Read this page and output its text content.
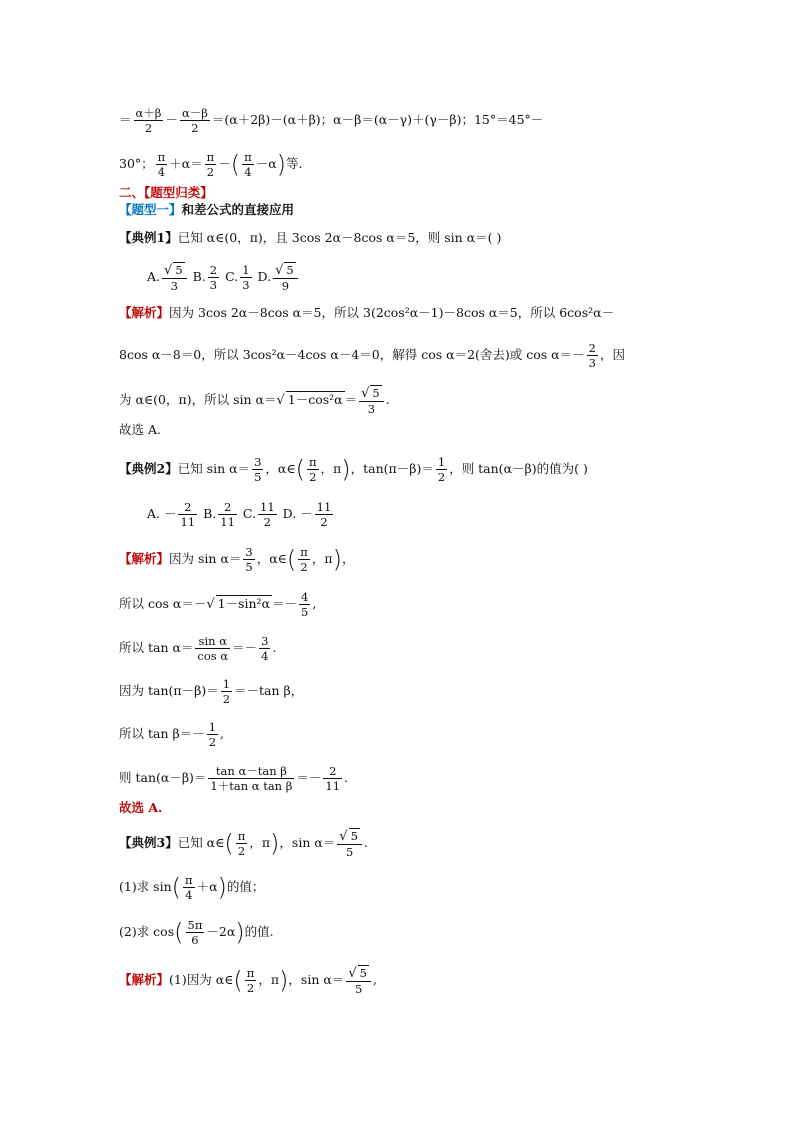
＝ $\frac{\alpha+\beta}{2} - \frac{\alpha-\beta}{2} =(\alpha+2\beta)-(\alpha+\beta)$；α－β＝(α－γ)＋(γ－β)；15°＝45°－
30°； $\frac{\pi}{4} +\alpha= \frac{\pi}{2}$ －( $\frac{\pi}{4} -\alpha$)等.
二、【题型归类】
【题型一】和差公式的直接应用
【典例1】已知 α∈(0，π)，且 3cos 2α－8cos α＝5，则 sin α＝( )
A. $\frac{√ 5}{3} B$. $\frac{2}{3} C$. $\frac{1}{3} D$. $\frac{√ 5}{9}$
【解析】因为 3cos 2α－8cos α＝5，所以 3(2cos²α－1)－8cos α＝5，所以 6cos²α－
8cos α－8＝0，所以 3cos²α－4cos α－4＝0，解得 cos α＝2(舍去)或 $\cos \alpha=- \frac{2}{3}$ ，因
为 α∈(0，π)，所以 sin α＝√ $1-\cos^2\alpha = \frac{√ 5}{3}$ .
故选 A.
【典例2】已知 $\sin \alpha= \frac{3}{5}$ ，α∈( $\frac{\pi}{2}$ ，π)，$\tan(\pi-\beta)= \frac{1}{2}$ ，则 tan(α－β)的值为( )
A. － $\frac{2}{11} B$. $\frac{2}{11} C$. $\frac{11}{2} D$. － $\frac{11}{2}$
【解析】因为 $\sin \alpha= \frac{3}{5}$ ，α∈( $\frac{\pi}{2}$ ，π)，
所以 cos α＝－√ $1-\sin^2\alpha =- \frac{4}{5}$ ,
所以 $\tan \alpha= \frac{\text{sin α}}{\text{cos α}} =- \frac{3}{4}$ .
因为 $\tan(\pi-\beta)= \frac{1}{2} =-\tan$ β，
所以 $\tan \beta=- \frac{1}{2}$ ,
则 $\tan(\alpha-\beta)= \frac{\text{tan α－tan β}}{\text{1＋tan α tan β}} =- \frac{2}{11}$ .
故选 A.
【典例3】已知 α∈( $\frac{\pi}{2}$ ，π)，$\sin \alpha= \frac{√ 5}{5}$ .
(1)求 $\sin( \frac{\pi}{4} +\alpha)$的值；
(2)求 $\cos( \frac{5\pi}{6} -2\alpha)$的值.
【解析】(1)因为 α∈( $\frac{\pi}{2}$ ，π)，$\sin \alpha= \frac{√ 5}{5}$ ,
